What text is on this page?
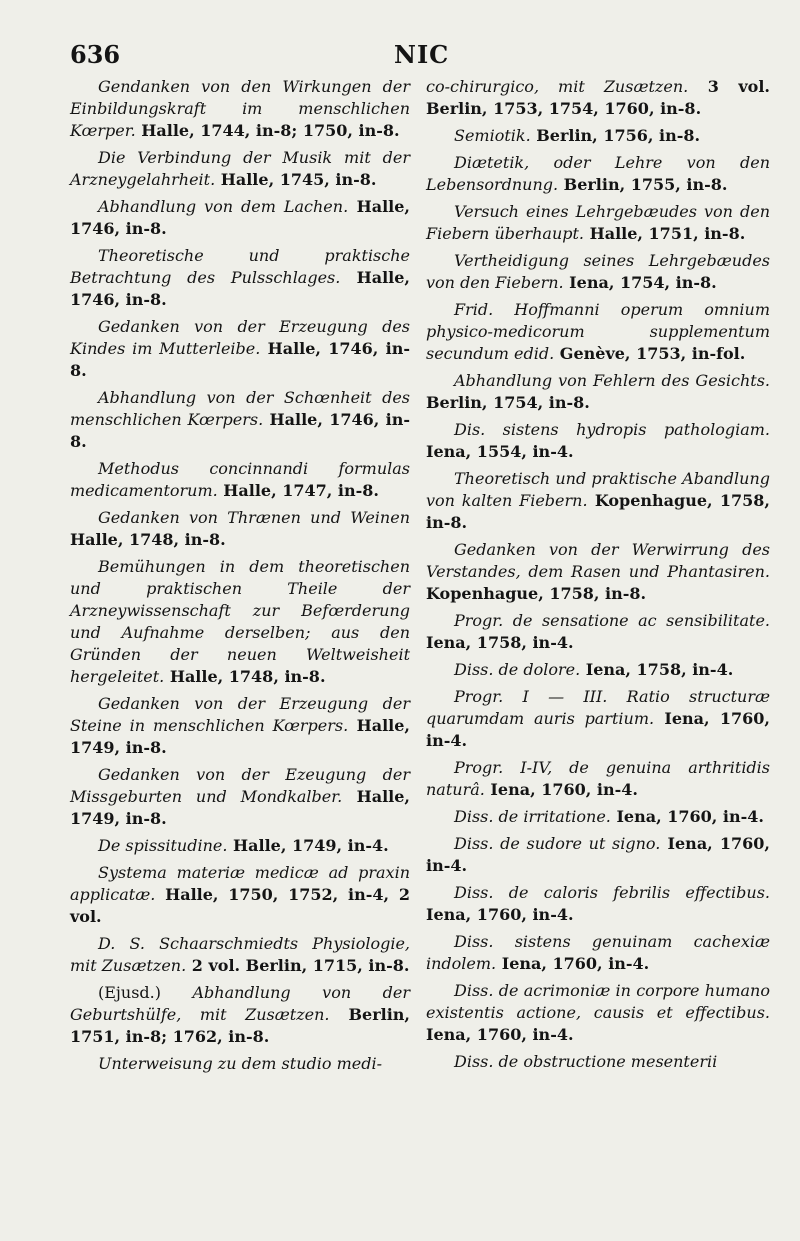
636	NIC

Gendanken von den Wirkungen der Einbildungskraft im menschlichen Kœrper. Halle, 1744, in-8; 1750, in-8.

Die Verbindung der Musik mit der Arzneygelahrheit. Halle, 1745, in-8.

Abhandlung von dem Lachen. Halle, 1746, in-8.

Theoretische und praktische Betrachtung des Pulsschlages. Halle, 1746, in-8.

Gedanken von der Erzeugung des Kindes im Mutterleibe. Halle, 1746, in-8.

Abhandlung von der Schœnheit des menschlichen Kœrpers. Halle, 1746, in-8.

Methodus concinnandi formulas medicamentorum. Halle, 1747, in-8.

Gedanken von Thrænen und Weinen Halle, 1748, in-8.

Bemühungen in dem theoretischen und praktischen Theile der Arzneywissenschaft zur Befœrderung und Aufnahme derselben; aus den Gründen der neuen Weltweisheit hergeleitet. Halle, 1748, in-8.

Gedanken von der Erzeugung der Steine in menschlichen Kœrpers. Halle, 1749, in-8.

Gedanken von der Ezeugung der Missgeburten und Mondkalber. Halle, 1749, in-8.

De spissitudine. Halle, 1749, in-4.

Systema materiæ medicæ ad praxin applicatæ. Halle, 1750, 1752, in-4, 2 vol.

D. S. Schaarschmiedts Physiologie, mit Zusætzen. 2 vol. Berlin, 1715, in-8.

(Ejusd.) Abhandlung von der Geburtshülfe, mit Zusætzen. Berlin, 1751, in-8; 1762, in-8.

Unterweisung zu dem studio medi-

co-chirurgico, mit Zusætzen. 3 vol. Berlin, 1753, 1754, 1760, in-8.

Semiotik. Berlin, 1756, in-8.

Diætetik, oder Lehre von den Lebensordnung. Berlin, 1755, in-8.

Versuch eines Lehrgebæudes von den Fiebern überhaupt. Halle, 1751, in-8.

Vertheidigung seines Lehrgebæudes von den Fiebern. Iena, 1754, in-8.

Frid. Hoffmanni operum omnium physico-medicorum supplementum secundum edid. Genève, 1753, in-fol.

Abhandlung von Fehlern des Gesichts. Berlin, 1754, in-8.

Dis. sistens hydropis pathologiam. Iena, 1554, in-4.

Theoretisch und praktische Abandlung von kalten Fiebern. Kopenhague, 1758, in-8.

Gedanken von der Werwirrung des Verstandes, dem Rasen und Phantasiren. Kopenhague, 1758, in-8.

Progr. de sensatione ac sensibilitate. Iena, 1758, in-4.

Diss. de dolore. Iena, 1758, in-4.

Progr. I — III. Ratio structuræ quarumdam auris partium. Iena, 1760, in-4.

Progr. I-IV, de genuina arthritidis naturâ. Iena, 1760, in-4.

Diss. de irritatione. Iena, 1760, in-4.

Diss. de sudore ut signo. Iena, 1760, in-4.

Diss. de caloris febrilis effectibus. Iena, 1760, in-4.

Diss. sistens genuinam cachexiæ indolem. Iena, 1760, in-4.

Diss. de acrimoniæ in corpore humano existentis actione, causis et effectibus. Iena, 1760, in-4.

Diss. de obstructione mesenterii
